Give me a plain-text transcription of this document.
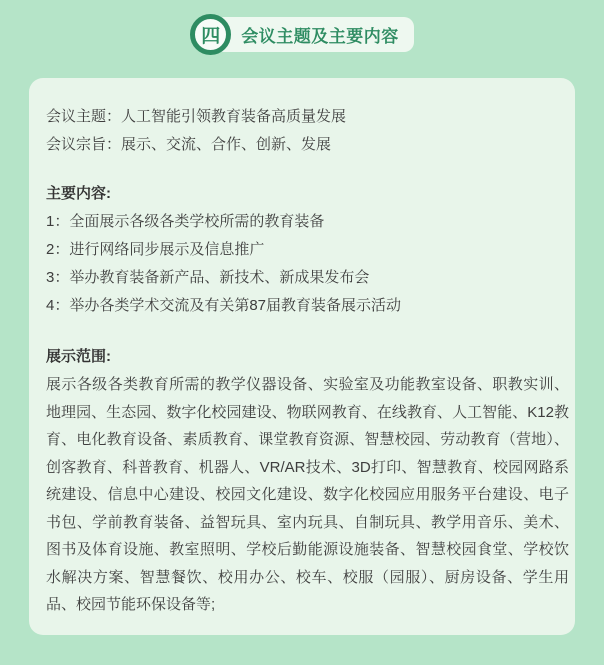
四 会议主题及主要内容
会议主题：人工智能引领教育装备高质量发展
会议宗旨：展示、交流、合作、创新、发展
主要内容:
1：全面展示各级各类学校所需的教育装备
2：进行网络同步展示及信息推广
3：举办教育装备新产品、新技术、新成果发布会
4：举办各类学术交流及有关第87届教育装备展示活动
展示范围:
展示各级各类教育所需的教学仪器设备、实验室及功能教室设备、职教实训、地理园、生态园、数字化校园建设、物联网教育、在线教育、人工智能、K12教育、电化教育设备、素质教育、课堂教育资源、智慧校园、劳动教育（营地）、创客教育、科普教育、机器人、VR/AR技术、3D打印、智慧教育、校园网路系统建设、信息中心建设、校园文化建设、数字化校园应用服务平台建设、电子书包、学前教育装备、益智玩具、室内玩具、自制玩具、教学用音乐、美术、图书及体育设施、教室照明、学校后勤能源设施装备、智慧校园食堂、学校饮水解决方案、智慧餐饮、校用办公、校车、校服（园服）、厨房设备、学生用品、校园节能环保设备等;
